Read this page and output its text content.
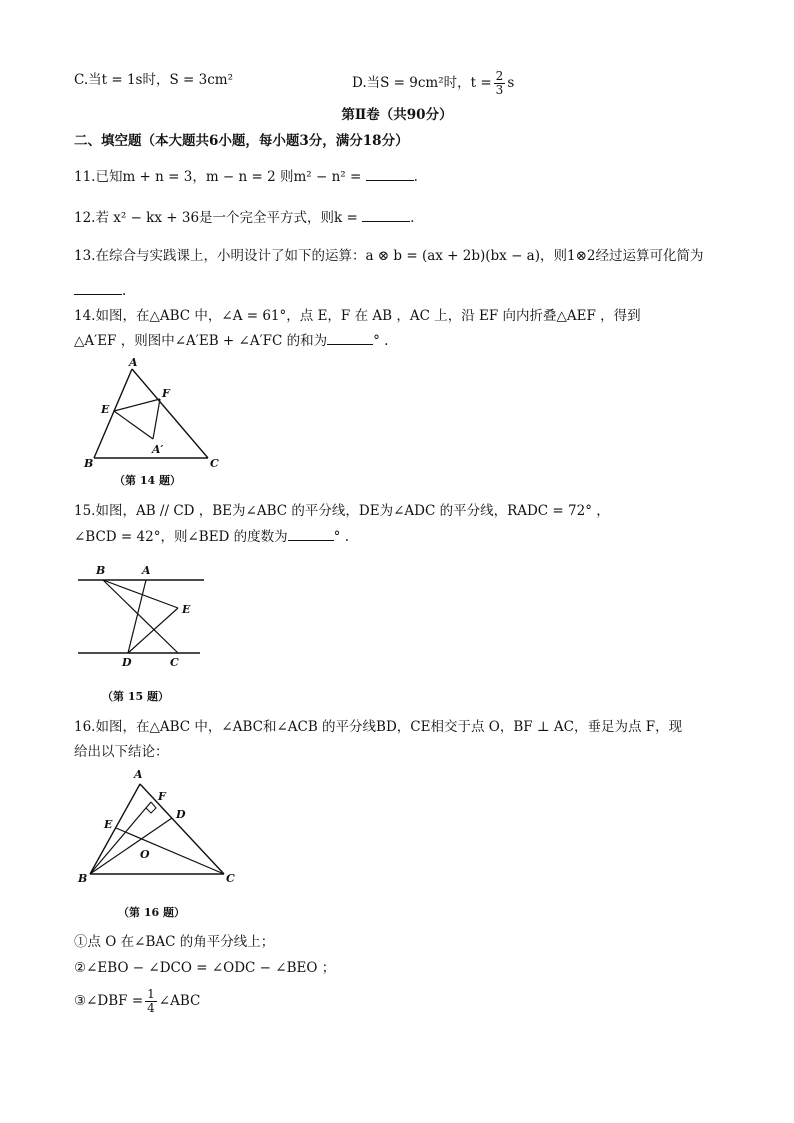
C.当t = 1s时，S = 3cm²	D.当S = 9cm²时，$t = \frac{2}{3}$ s
第Ⅱ卷（共90分）
二、填空题（本大题共6小题，每小题3分，满分18分）
11.已知m + n = 3，m − n = 2 则m² − n² =	.
12.若 x² − kx + 36是一个完全平方式，则k =	.
13.在综合与实践课上，小明设计了如下的运算：a ⊗ b = (ax + 2b)(bx − a)，则1⊗2经过运算可化简为
.
14.如图，在△ABC 中，∠A = 61°，点 E，F 在 AB ，AC 上，沿 EF 向内折叠△AEF ，得到
△A′EF ，则图中∠A′EB + ∠A′FC 的和为	° .
A
B	C
E
F
A′
（第 14 题）
15.如图，AB // CD ，BE为∠ABC 的平分线，DE为∠ADC 的平分线，RADC = 72° ，
∠BCD = 42°，则∠BED 的度数为	° .
B	A
E
D	C
（第 15 题）
16.如图，在△ABC 中，∠ABC和∠ACB 的平分线BD，CE相交于点 O，BF ⊥ AC，垂足为点 F，现
给出以下结论：
A
F
D
E
O
B	C
（第 16 题）
①点 O 在∠BAC 的角平分线上；
②∠EBO − ∠DCO = ∠ODC − ∠BEO ；
③∠DBF = $\frac{1}{4}$ ∠ABC
